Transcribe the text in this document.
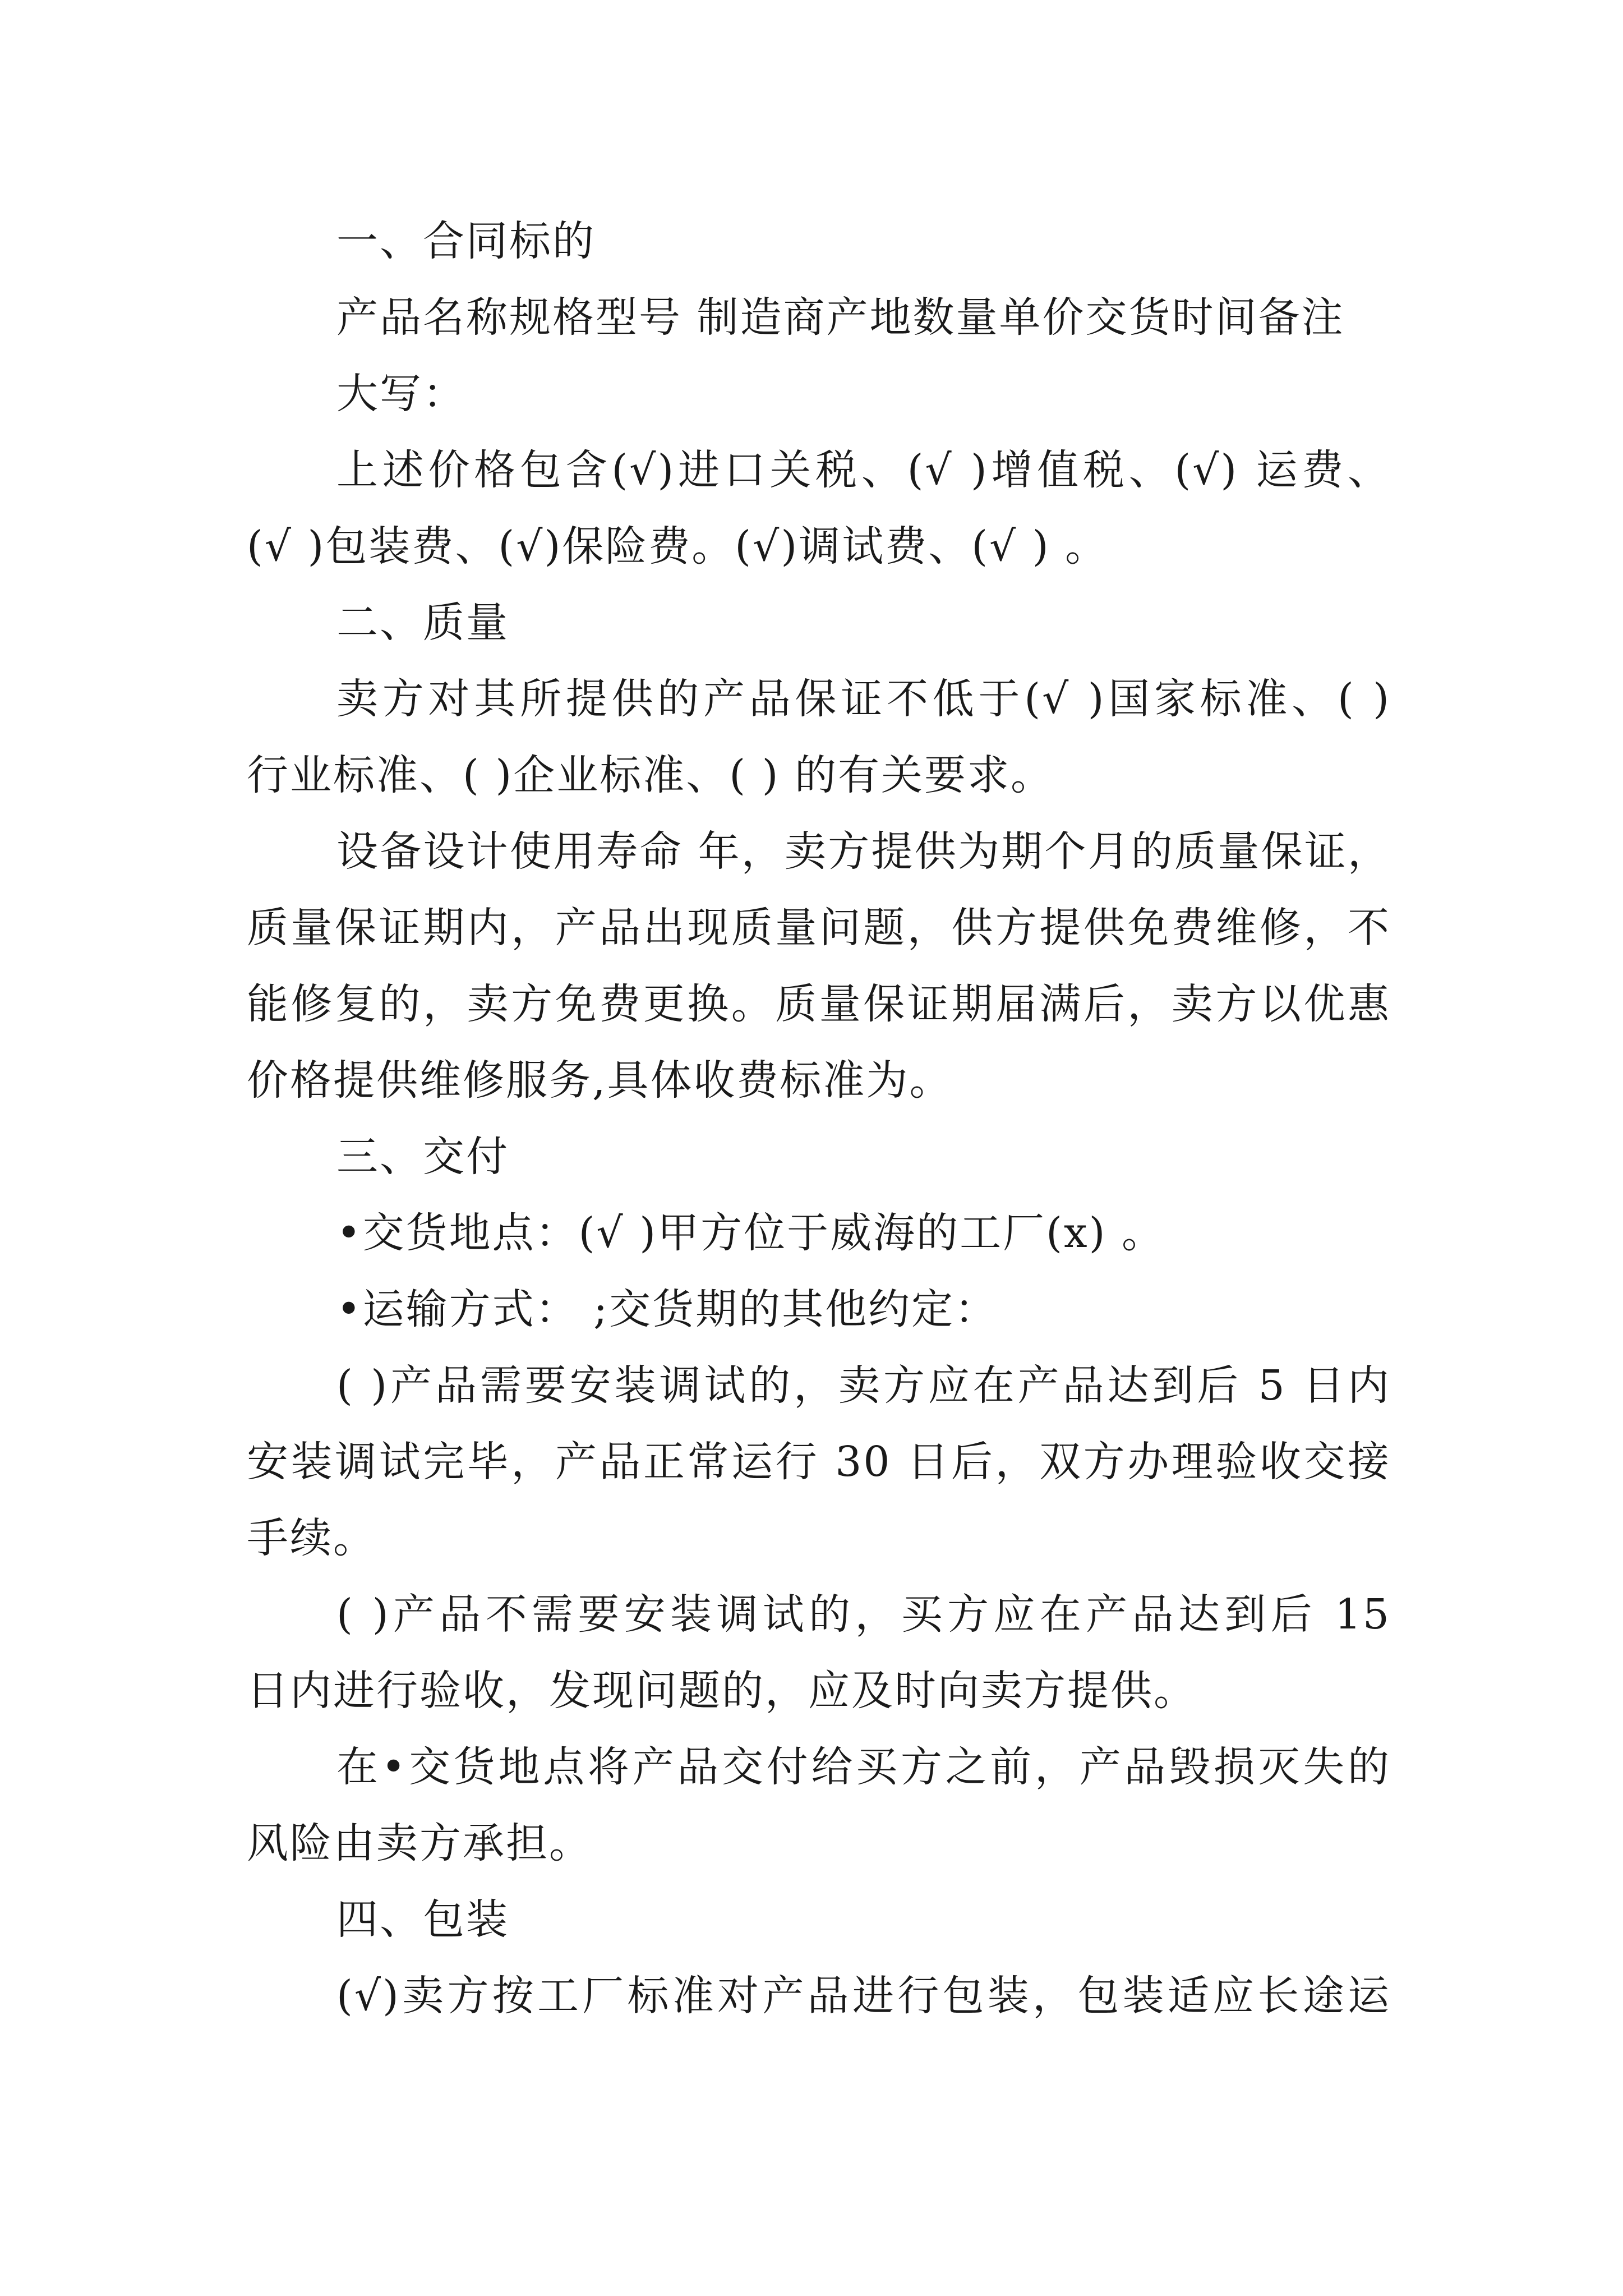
一、合同标的
产品名称规格型号 制造商产地数量单价交货时间备注
大写：
上述价格包含(√)进口关税、(√ )增值税、(√) 运费、
(√ )包装费、(√)保险费。(√)调试费、(√ ) 。
二、质量
卖方对其所提供的产品保证不低于(√ )国家标准、( )
行业标准、( )企业标准、( ) 的有关要求。
设备设计使用寿命 年，卖方提供为期个月的质量保证，
质量保证期内，产品出现质量问题，供方提供免费维修，不
能修复的，卖方免费更换。质量保证期届满后，卖方以优惠
价格提供维修服务,具体收费标准为。
三、交付
•交货地点：(√ )甲方位于威海的工厂(x) 。
•运输方式： ;交货期的其他约定：
( )产品需要安装调试的，卖方应在产品达到后 5 日内
安装调试完毕，产品正常运行 30 日后，双方办理验收交接
手续。
( )产品不需要安装调试的，买方应在产品达到后 15
日内进行验收，发现问题的，应及时向卖方提供。
在•交货地点将产品交付给买方之前，产品毁损灭失的
风险由卖方承担。
四、包装
(√)卖方按工厂标准对产品进行包装，包装适应长途运
